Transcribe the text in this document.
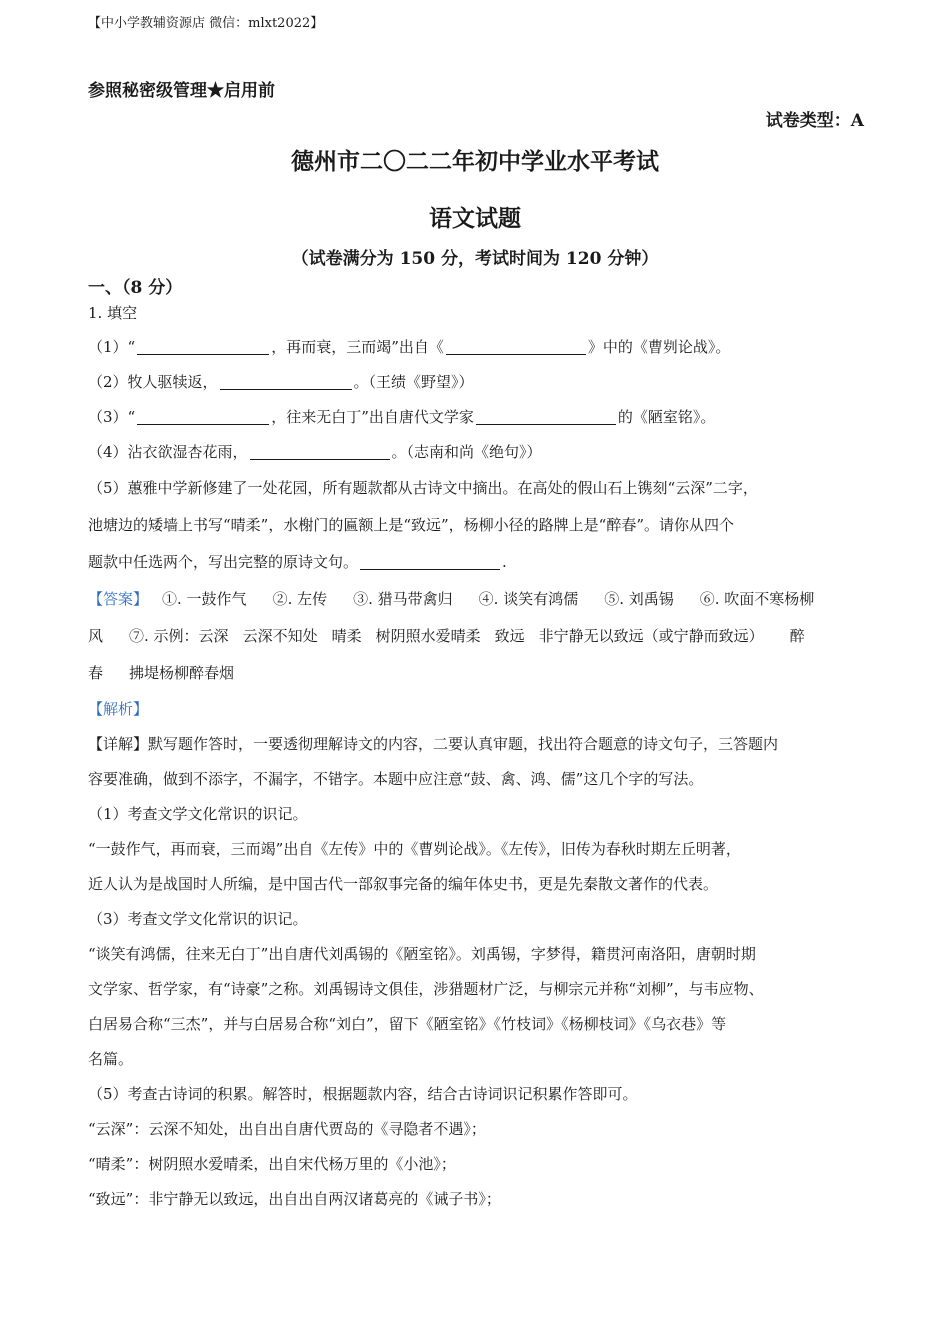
【中小学教辅资源店 微信：mlxt2022】
参照秘密级管理★启用前
试卷类型：A
德州市二〇二二年初中学业水平考试
语文试题
（试卷满分为 150 分，考试时间为 120 分钟）
一、（8 分）
1. 填空
（1）“	，再而衰，三而竭”出自《	》中的《曹刿论战》。
（2）牧人驱犊返，	。（王绩《野望》）
（3）“	，往来无白丁”出自唐代文学家	的《陋室铭》。
（4）沾衣欲湿杏花雨，	。（志南和尚《绝句》）
（5）蕙雅中学新修建了一处花园，所有题款都从古诗文中摘出。在高处的假山石上镌刻“云深”二字，
池塘边的矮墙上书写“晴柔”，水榭门的匾额上是“致远”，杨柳小径的路牌上是“醉春”。请你从四个
题款中任选两个，写出完整的原诗文句。	.
【答案】 ①. 一鼓作气 ②. 左传 ③. 猎马带禽归 ④. 谈笑有鸿儒 ⑤. 刘禹锡 ⑥. 吹面不寒杨柳
风 ⑦. 示例：云深 云深不知处 晴柔 树阴照水爱晴柔 致远 非宁静无以致远（或宁静而致远） 醉
春 拂堤杨柳醉春烟
【解析】
【详解】默写题作答时，一要透彻理解诗文的内容，二要认真审题，找出符合题意的诗文句子，三答题内
容要准确，做到不添字，不漏字，不错字。本题中应注意“鼓、禽、鸿、儒”这几个字的写法。
（1）考查文学文化常识的识记。
“一鼓作气，再而衰，三而竭”出自《左传》中的《曹刿论战》。《左传》，旧传为春秋时期左丘明著，
近人认为是战国时人所编，是中国古代一部叙事完备的编年体史书，更是先秦散文著作的代表。
（3）考查文学文化常识的识记。
“谈笑有鸿儒，往来无白丁”出自唐代刘禹锡的《陋室铭》。刘禹锡，字梦得，籍贯河南洛阳，唐朝时期
文学家、哲学家，有“诗豪”之称。刘禹锡诗文俱佳，涉猎题材广泛，与柳宗元并称“刘柳”，与韦应物、
白居易合称“三杰”，并与白居易合称“刘白”，留下《陋室铭》《竹枝词》《杨柳枝词》《乌衣巷》等
名篇。
（5）考查古诗词的积累。解答时，根据题款内容，结合古诗词识记积累作答即可。
“云深”：云深不知处，出自出自唐代贾岛的《寻隐者不遇》；
“晴柔”：树阴照水爱晴柔，出自宋代杨万里的《小池》；
“致远”：非宁静无以致远，出自出自两汉诸葛亮的《诫子书》；
